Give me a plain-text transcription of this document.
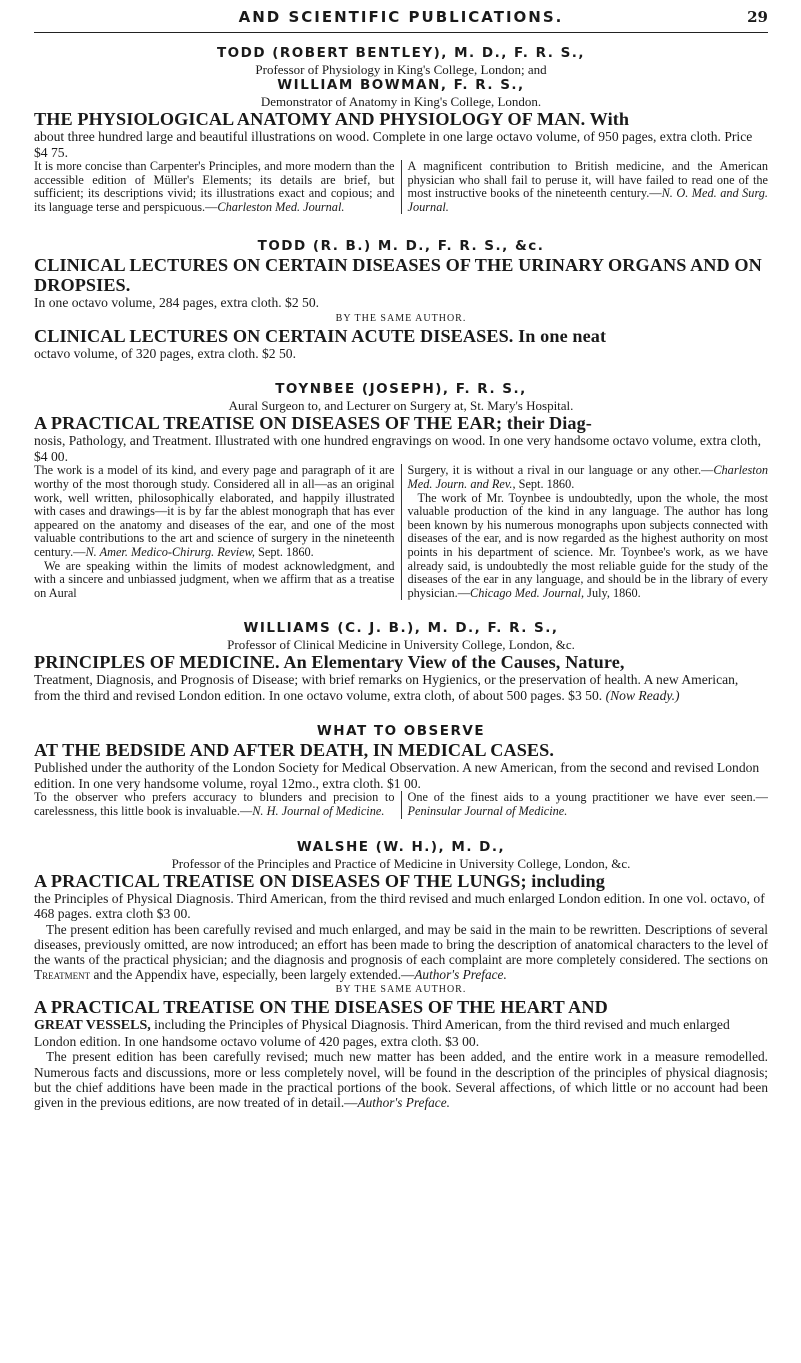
AND SCIENTIFIC PUBLICATIONS.	29

TODD (ROBERT BENTLEY), M. D., F. R. S.,

Professor of Physiology in King's College, London; and

WILLIAM BOWMAN, F. R. S.,

Demonstrator of Anatomy in King's College, London.

THE PHYSIOLOGICAL ANATOMY AND PHYSIOLOGY OF MAN. With

about three hundred large and beautiful illustrations on wood. Complete in one large octavo volume, of 950 pages, extra cloth. Price $4 75.

It is more concise than Carpenter's Principles, and more modern than the accessible edition of Müller's Elements; its details are brief, but sufficient; its descriptions vivid; its illustrations exact and copious; and its language terse and perspicuous.—Charleston Med. Journal.

A magnificent contribution to British medicine, and the American physician who shall fail to peruse it, will have failed to read one of the most instructive books of the nineteenth century.—N. O. Med. and Surg. Journal.

TODD (R. B.) M. D., F. R. S., &c.

CLINICAL LECTURES ON CERTAIN DISEASES OF THE URINARY ORGANS AND ON DROPSIES.

In one octavo volume, 284 pages, extra cloth. $2 50.

BY THE SAME AUTHOR.

CLINICAL LECTURES ON CERTAIN ACUTE DISEASES. In one neat

octavo volume, of 320 pages, extra cloth. $2 50.

TOYNBEE (JOSEPH), F. R. S.,

Aural Surgeon to, and Lecturer on Surgery at, St. Mary's Hospital.

A PRACTICAL TREATISE ON DISEASES OF THE EAR; their Diag-

nosis, Pathology, and Treatment. Illustrated with one hundred engravings on wood. In one very handsome octavo volume, extra cloth, $4 00.

The work is a model of its kind, and every page and paragraph of it are worthy of the most thorough study. Considered all in all—as an original work, well written, philosophically elaborated, and happily illustrated with cases and drawings—it is by far the ablest monograph that has ever appeared on the anatomy and diseases of the ear, and one of the most valuable contributions to the art and science of surgery in the nineteenth century.—N. Amer. Medico-Chirurg. Review, Sept. 1860.

We are speaking within the limits of modest acknowledgment, and with a sincere and unbiassed judgment, when we affirm that as a treatise on Aural

Surgery, it is without a rival in our language or any other.—Charleston Med. Journ. and Rev., Sept. 1860.

The work of Mr. Toynbee is undoubtedly, upon the whole, the most valuable production of the kind in any language. The author has long been known by his numerous monographs upon subjects connected with diseases of the ear, and is now regarded as the highest authority on most points in his department of science. Mr. Toynbee's work, as we have already said, is undoubtedly the most reliable guide for the study of the diseases of the ear in any language, and should be in the library of every physician.—Chicago Med. Journal, July, 1860.

WILLIAMS (C. J. B.), M. D., F. R. S.,

Professor of Clinical Medicine in University College, London, &c.

PRINCIPLES OF MEDICINE. An Elementary View of the Causes, Nature,

Treatment, Diagnosis, and Prognosis of Disease; with brief remarks on Hygienics, or the preservation of health. A new American, from the third and revised London edition. In one octavo volume, extra cloth, of about 500 pages. $3 50. (Now Ready.)

WHAT TO OBSERVE

AT THE BEDSIDE AND AFTER DEATH, IN MEDICAL CASES.

Published under the authority of the London Society for Medical Observation. A new American, from the second and revised London edition. In one very handsome volume, royal 12mo., extra cloth. $1 00.

To the observer who prefers accuracy to blunders and precision to carelessness, this little book is invaluable.—N. H. Journal of Medicine.

One of the finest aids to a young practitioner we have ever seen.—Peninsular Journal of Medicine.

WALSHE (W. H.), M. D.,

Professor of the Principles and Practice of Medicine in University College, London, &c.

A PRACTICAL TREATISE ON DISEASES OF THE LUNGS; including

the Principles of Physical Diagnosis. Third American, from the third revised and much enlarged London edition. In one vol. octavo, of 468 pages. extra cloth $3 00.

The present edition has been carefully revised and much enlarged, and may be said in the main to be rewritten. Descriptions of several diseases, previously omitted, are now introduced; an effort has been made to bring the description of anatomical characters to the level of the wants of the practical physician; and the diagnosis and prognosis of each complaint are more completely considered. The sections on Treatment and the Appendix have, especially, been largely extended.—Author's Preface.

BY THE SAME AUTHOR.

A PRACTICAL TREATISE ON THE DISEASES OF THE HEART AND

GREAT VESSELS, including the Principles of Physical Diagnosis. Third American, from the third revised and much enlarged London edition. In one handsome octavo volume of 420 pages, extra cloth. $3 00.

The present edition has been carefully revised; much new matter has been added, and the entire work in a measure remodelled. Numerous facts and discussions, more or less completely novel, will be found in the description of the principles of physical diagnosis; but the chief additions have been made in the practical portions of the book. Several affections, of which little or no account had been given in the previous editions, are now treated of in detail.—Author's Preface.
